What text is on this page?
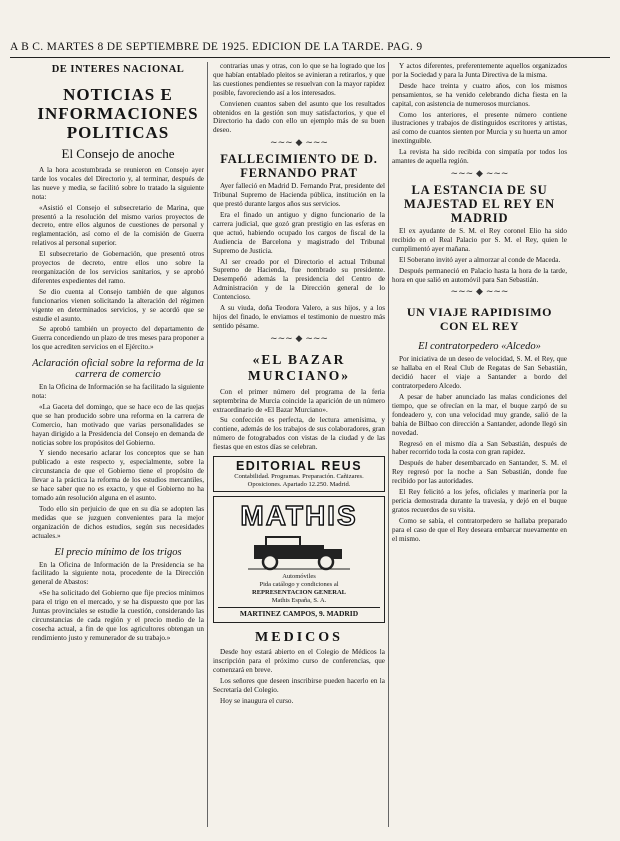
A B C. MARTES 8 DE SEPTIEMBRE DE 1925. EDICION DE LA TARDE. PAG. 9
DE INTERES NACIONAL
NOTICIAS E INFORMACIONES POLITICAS
El Consejo de anoche

A la hora acostumbrada se reunieron en Consejo ayer tarde los vocales del Directorio y, al terminar, después de las nueve y media, se facilitó sobre lo tratado la siguiente nota:

«Asistió el Consejo el subsecretario de Marina, que presentó a la resolución del mismo varios proyectos de decreto, entre ellos algunos de cuestiones de personal y reglamentación, así como el de la comisión de Guerra relativos al personal superior.

El subsecretario de Gobernación, que presentó otros proyectos de decreto, entre ellos uno sobre la reorganización de los servicios sanitarios, y se aprobó diferentes expedientes del ramo.

Se dio cuenta al Consejo también de que algunos funcionarios vienen solicitando la alteración del régimen vigente en determinados servicios, y se acordó que se estudie el asunto.

Se aprobó también un proyecto del departamento de Guerra concediendo un plazo de tres meses para proponer a los que acrediten servicios en el Ejército.»

Aclaración oficial sobre la reforma de la carrera de comercio

En la Oficina de Información se ha facilitado la siguiente nota:

«La Gaceta del domingo, que se hace eco de las quejas que se han producido sobre una reforma en la carrera de Comercio, han motivado que varias personalidades se hayan dirigido a la Presidencia del Consejo en demanda de noticias sobre los propósitos del Gobierno.

Y siendo necesario aclarar los conceptos que se han publicado a este respecto y, especialmente, sobre la circunstancia de que el Gobierno tiene el propósito de llevar a la práctica la reforma de los estudios mercantiles, se hace saber que no es exacto, y que el Gobierno no ha tomado aún resolución alguna en el asunto.

Todo ello sin perjuicio de que en su día se adopten las medidas que se juzguen convenientes para la mejor organización de dichos estudios, según sus necesidades actuales.»

El precio mínimo de los trigos

En la Oficina de Información de la Presidencia se ha facilitado la siguiente nota, procedente de la Dirección general de Abastos:

«Se ha solicitado del Gobierno que fije precios mínimos para el trigo en el mercado, y se ha dispuesto que por las Juntas provinciales se estudie la cuestión, considerando las circunstancias de cada región y el precio medio de la cosecha actual, a fin de que los agricultores obtengan un rendimiento justo y remunerador de su trabajo.»

contrarias unas y otras, con lo que se ha logrado que los que habían entablado pleitos se avinieran a retirarlos, y que las cuestiones pendientes se resuelvan con la mayor rapidez posible, favoreciendo así a los interesados.

Convienen cuantos saben del asunto que los resultados obtenidos en la gestión son muy satisfactorios, y que el Directorio ha dado con ello un ejemplo más de su buen deseo.

~~~ ◆ ~~~
FALLECIMIENTO DE D. FERNANDO PRAT

Ayer falleció en Madrid D. Fernando Prat, presidente del Tribunal Supremo de Hacienda pública, institución en la que prestó durante largos años sus servicios.

Era el finado un antiguo y digno funcionario de la carrera judicial, que gozó gran prestigio en las esferas en que actuó, habiendo ocupado los cargos de fiscal de la Audiencia de Barcelona y magistrado del Tribunal Supremo de Justicia.

Al ser creado por el Directorio el actual Tribunal Supremo de Hacienda, fue nombrado su presidente. Desempeñó además la presidencia del Centro de Administración y de la Dirección general de lo Contencioso.

A su viuda, doña Teodora Valero, a sus hijos, y a los hijos del finado, le enviamos el testimonio de nuestro más sentido pésame.

~~~ ◆ ~~~
«EL BAZAR MURCIANO»

Con el primer número del programa de la feria septembrina de Murcia coincide la aparición de un número extraordinario de «El Bazar Murciano».

Su confección es perfecta, de lectura amenísima, y contiene, además de los trabajos de sus colaboradores, gran número de fotograbados con vistas de la ciudad y de las fiestas que en estos días se celebran.

EDITORIAL REUS
Contabilidad. Programas. Preparación. Cañizares. Oposiciones. Apartado 12.250. Madrid.
MATHIS
Automóviles
Pida catálogo y condiciones al
REPRESENTACION GENERAL
Mathis España, S. A.
MARTINEZ CAMPOS, 9. MADRID
MEDICOS

Desde hoy estará abierto en el Colegio de Médicos la inscripción para el próximo curso de conferencias, que comenzará en breve.

Los señores que deseen inscribirse pueden hacerlo en la Secretaría del Colegio.

Hoy se inaugura el curso.

Y actos diferentes, preferentemente aquellos organizados por la Sociedad y para la Junta Directiva de la misma.

Desde hace treinta y cuatro años, con los mismos pensamientos, se ha venido celebrando dicha fiesta en la capital, con asistencia de numerosos murcianos.

Como los anteriores, el presente número contiene ilustraciones y trabajos de distinguidos escritores y artistas, así como de cuantos sienten por Murcia y su huerta un amor inextinguible.

La revista ha sido recibida con simpatía por todos los amantes de aquella región.

~~~ ◆ ~~~
LA ESTANCIA DE SU MAJESTAD EL REY EN MADRID

El ex ayudante de S. M. el Rey coronel Elio ha sido recibido en el Real Palacio por S. M. el Rey, quien le cumplimentó ayer mañana.

El Soberano invitó ayer a almorzar al conde de Maceda.

Después permaneció en Palacio hasta la hora de la tarde, hora en que salió en automóvil para San Sebastián.

~~~ ◆ ~~~
UN VIAJE RAPIDISIMO CON EL REY
El contratorpedero «Alcedo»

Por iniciativa de un deseo de velocidad, S. M. el Rey, que se hallaba en el Real Club de Regatas de San Sebastián, decidió hacer el viaje a Santander a bordo del contratorpedero Alcedo.

A pesar de haber anunciado las malas condiciones del tiempo, que se ofrecían en la mar, el buque zarpó de su fondeadero y, con una velocidad muy grande, salió de la bahía de Bilbao con dirección a Santander, adonde llegó sin novedad.

Regresó en el mismo día a San Sebastián, después de haber recorrido toda la costa con gran rapidez.

Después de haber desembarcado en Santander, S. M. el Rey regresó por la noche a San Sebastián, donde fue recibido por las autoridades.

El Rey felicitó a los jefes, oficiales y marinería por la pericia demostrada durante la travesía, y dejó en el buque gratos recuerdos de su visita.

Como se sabía, el contratorpedero se hallaba preparado para el caso de que el Rey deseara embarcar nuevamente en el mismo.
